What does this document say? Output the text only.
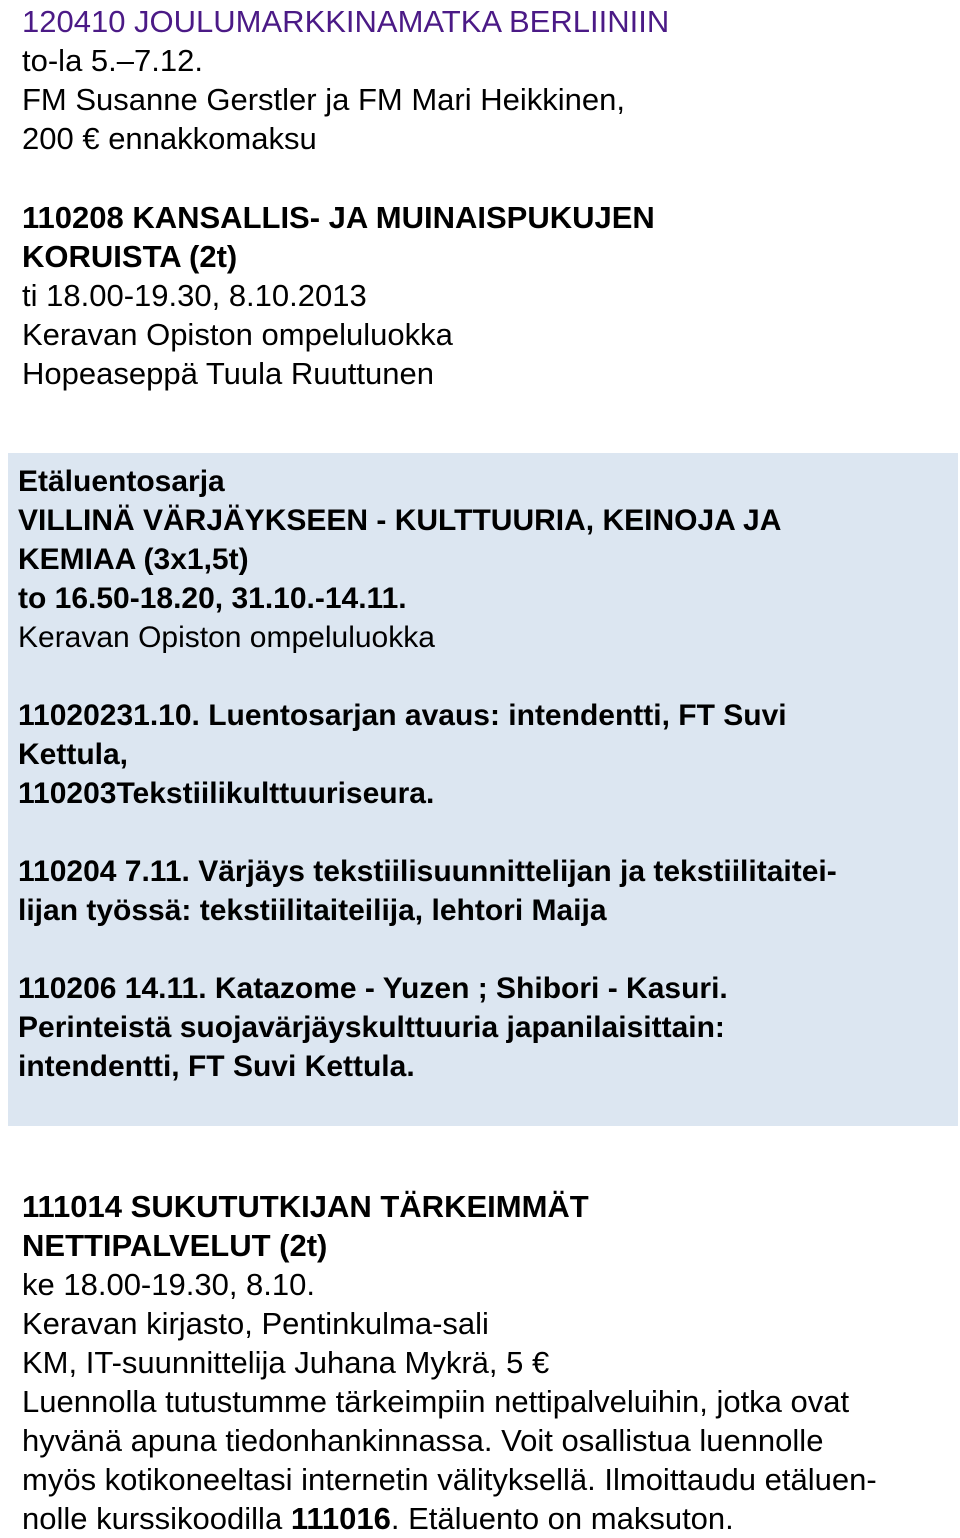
120410 JOULUMARKKINAMATKA BERLIINIIN

to-la 5.–7.12.

FM Susanne Gerstler ja FM Mari Heikkinen,

200 € ennakkomaksu

110208 KANSALLIS- JA MUINAISPUKUJEN

KORUISTA (2t)

ti 18.00-19.30, 8.10.2013

Keravan Opiston ompeluluokka

Hopeaseppä Tuula Ruuttunen

Etäluentosarja

VILLINÄ VÄRJÄYKSEEN - KULTTUURIA, KEINOJA JA

KEMIAA (3x1,5t)

to 16.50-18.20, 31.10.-14.11.

Keravan Opiston ompeluluokka

11020231.10. Luentosarjan avaus: intendentti, FT Suvi

Kettula,

110203Tekstiilikulttuuriseura.

110204 7.11. Värjäys tekstiilisuunnittelijan ja tekstiilitaitei-

lijan työssä: tekstiilitaiteilija, lehtori Maija

110206 14.11. Katazome - Yuzen ; Shibori - Kasuri.

Perinteistä suojavärjäyskulttuuria japanilaisittain:

intendentti, FT Suvi Kettula.

111014 SUKUTUTKIJAN TÄRKEIMMÄT

NETTIPALVELUT (2t)

ke 18.00-19.30, 8.10.

Keravan kirjasto, Pentinkulma-sali

KM, IT-suunnittelija Juhana Mykrä, 5 €

Luennolla tutustumme tärkeimpiin nettipalveluihin, jotka ovat

hyvänä apuna tiedonhankinnassa. Voit osallistua luennolle

myös kotikoneeltasi internetin välityksellä. Ilmoittaudu etäluen-

nolle kurssikoodilla 111016. Etäluento on maksuton.
